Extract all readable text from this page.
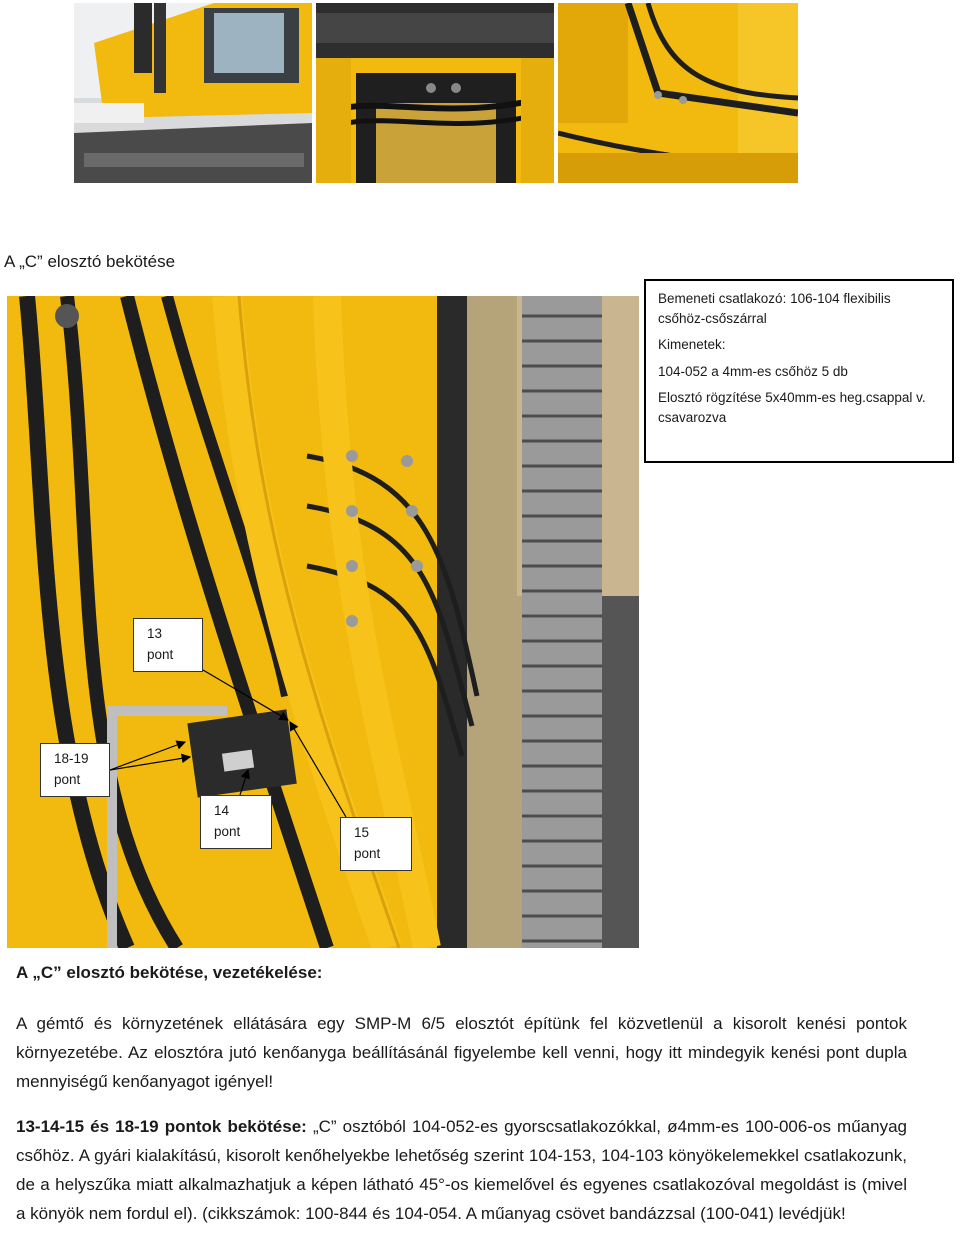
A „C” elosztó bekötése

Bemeneti csatlakozó: 106-104 flexibilis csőhöz-csőszárral

Kimenetek:

104-052 a 4mm-es csőhöz 5 db

Elosztó rögzítése 5x40mm-es heg.csappal v. csavarozva

13
pont
18-19
pont
14
pont	15
pont
A „C” elosztó bekötése, vezetékelése:
A gémtő és környzetének ellátására egy SMP-M 6/5 elosztót építünk fel közvetlenül a kisorolt kenési pontok környezetébe. Az elosztóra jutó kenőanyga beállításánál figyelembe kell venni, hogy itt mindegyik kenési pont dupla mennyiségű kenőanyagot igényel!
13-14-15 és 18-19 pontok bekötése: „C” osztóból 104-052-es gyorscsatlakozókkal, ø4mm-es 100-006-os műanyag csőhöz. A gyári kialakítású, kisorolt kenőhelyekbe lehetőség szerint 104-153, 104-103 könyökelemekkel csatlakozunk, de a helyszűka miatt alkalmazhatjuk a képen látható 45°-os kiemelővel és egyenes csatlakozóval megoldást is (mivel a könyök nem fordul el). (cikkszámok: 100-844 és 104-054. A műanyag csövet bandázzsal (100-041) levédjük!
